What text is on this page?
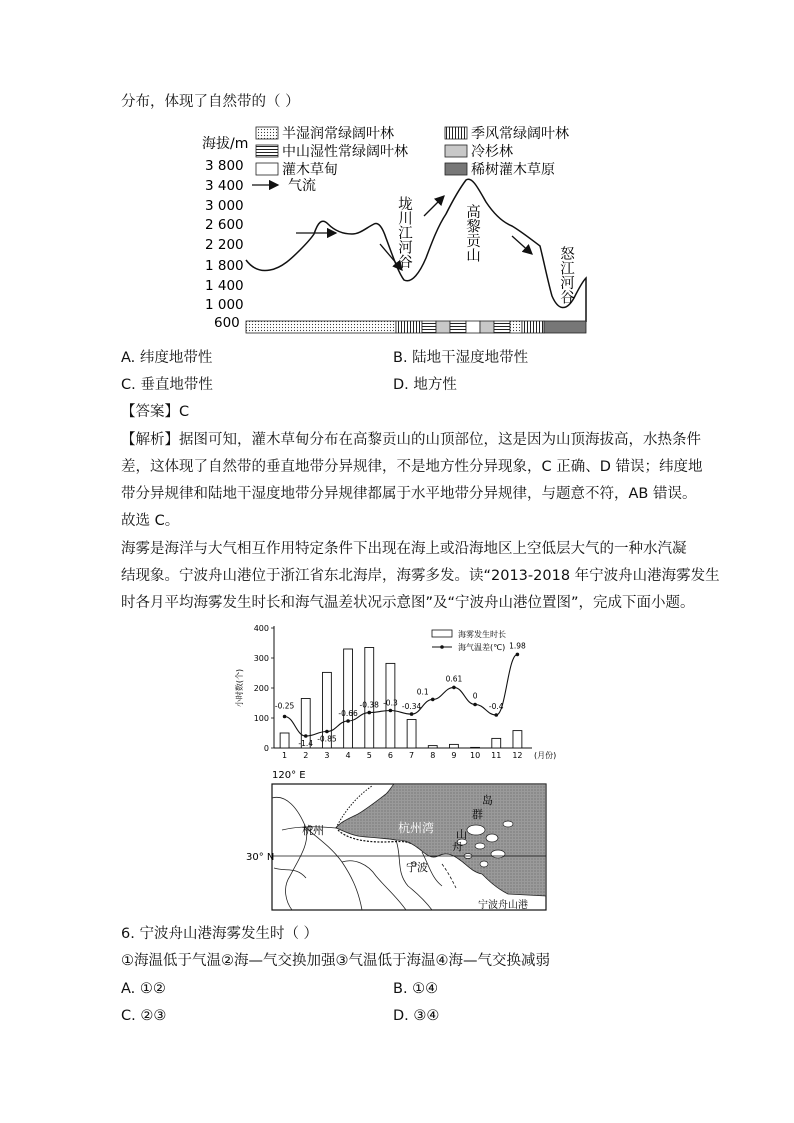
分布，体现了自然带的（ ）
海拔/m
3 800
3 400
3 000
2 600
2 200
1 800
1 400
1 000
600
半湿润常绿阔叶林	季风常绿阔叶林
中山湿性常绿阔叶林	冷杉林
灌木草甸	稀树灌木草原
气流
垅川江河谷	高黎贡山
怒江河谷
A. 纬度地带性	B. 陆地干湿度地带性
C. 垂直地带性	D. 地方性
【答案】C
【解析】据图可知，灌木草甸分布在高黎贡山的山顶部位，这是因为山顶海拔高，水热条件
差，这体现了自然带的垂直地带分异规律，不是地方性分异现象，C 正确、D 错误；纬度地
带分异规律和陆地干湿度地带分异规律都属于水平地带分异规律，与题意不符，AB 错误。
故选 C。
海雾是海洋与大气相互作用特定条件下出现在海上或沿海地区上空低层大气的一种水汽凝
结现象。宁波舟山港位于浙江省东北海岸，海雾多发。读“2013-2018 年宁波舟山港海雾发生
时各月平均海雾发生时长和海气温差状况示意图”及“宁波舟山港位置图”，完成下面小题。
0
100
200
300
400
小时数(个)
1 2 3 4 5 6 7 8 9 10 11 12 (月份)
-0.25
-1.4 -0.85
-0.66
-0.38 -0.3 -0.34
0.1
0.61
0
-0.4
1.98
海雾发生时长
海气温差(℃)
120° E
30° N
杭州湾
杭州
宁波
舟
山
群
岛
宁波舟山港
6. 宁波舟山港海雾发生时（ ）
①海温低于气温②海—气交换加强③气温低于海温④海—气交换减弱
A. ①②	B. ①④
C. ②③	D. ③④
